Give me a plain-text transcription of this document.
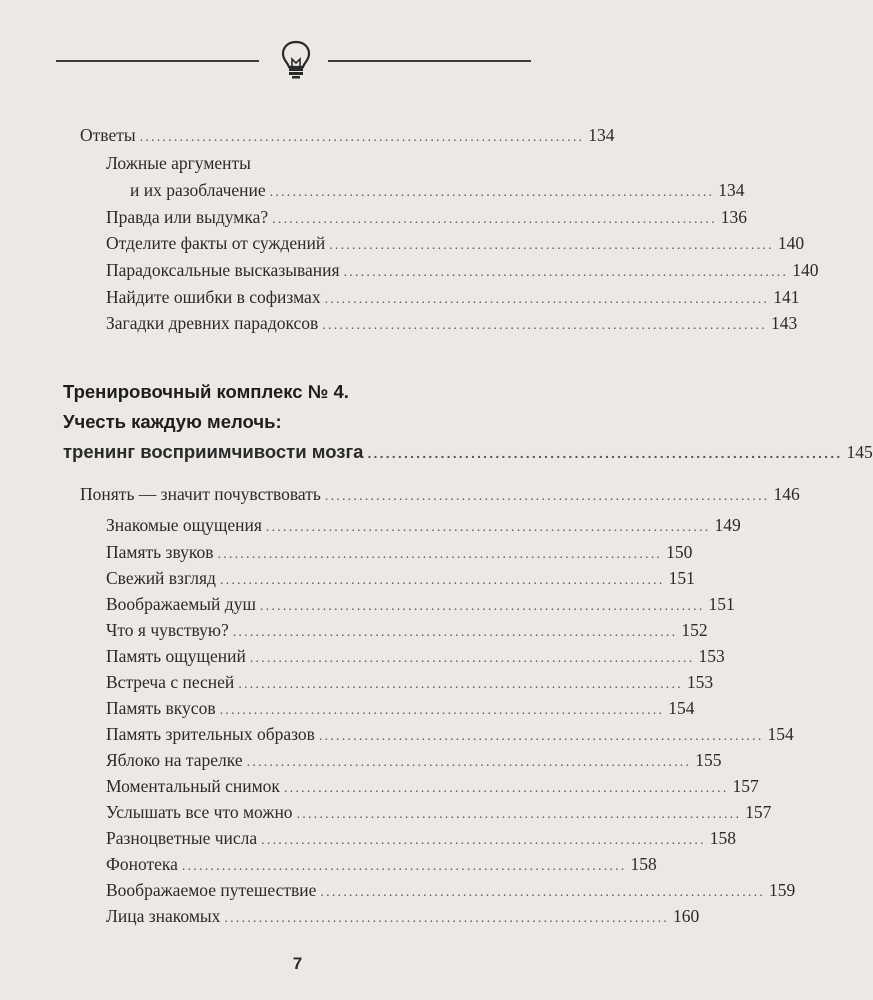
Ответы .............................................................................. 134
Ложные аргументы
и их разоблачение .............................................................................. 134
Правда или выдумка? .............................................................................. 136
Отделите факты от суждений .............................................................................. 140
Парадоксальные высказывания .............................................................................. 140
Найдите ошибки в софизмах .............................................................................. 141
Загадки древних парадоксов .............................................................................. 143
Тренировочный комплекс № 4.
Учесть каждую мелочь:
тренинг восприимчивости мозга .............................................................................. 145
Понять — значит почувствовать .............................................................................. 146
Знакомые ощущения .............................................................................. 149
Память звуков .............................................................................. 150
Свежий взгляд .............................................................................. 151
Воображаемый душ .............................................................................. 151
Что я чувствую? .............................................................................. 152
Память ощущений .............................................................................. 153
Встреча с песней .............................................................................. 153
Память вкусов .............................................................................. 154
Память зрительных образов .............................................................................. 154
Яблоко на тарелке .............................................................................. 155
Моментальный снимок .............................................................................. 157
Услышать все что можно .............................................................................. 157
Разноцветные числа .............................................................................. 158
Фонотека .............................................................................. 158
Воображаемое путешествие .............................................................................. 159
Лица знакомых .............................................................................. 160
7
